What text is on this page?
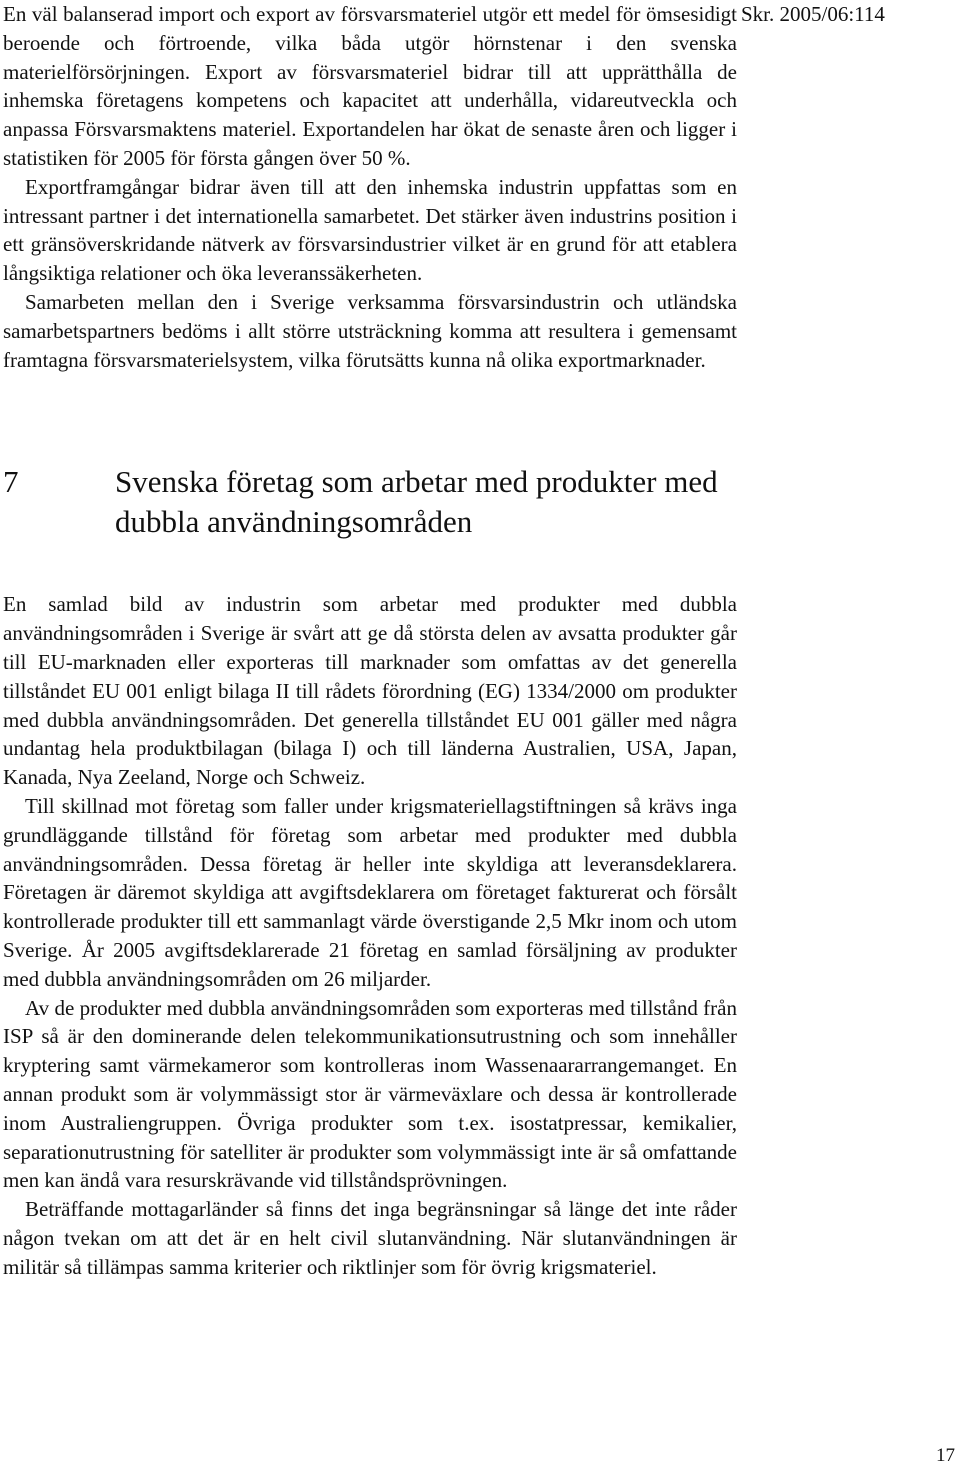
En väl balanserad import och export av försvarsmateriel utgör ett medel för ömsesidigt beroende och förtroende, vilka båda utgör hörnstenar i den svenska materielförsörjningen. Export av försvarsmateriel bidrar till att upprätthålla de inhemska företagens kompetens och kapacitet att underhålla, vidareutveckla och anpassa Försvarsmaktens materiel. Exportandelen har ökat de senaste åren och ligger i statistiken för 2005 för första gången över 50 %.

Exportframgångar bidrar även till att den inhemska industrin uppfattas som en intressant partner i det internationella samarbetet. Det stärker även industrins position i ett gränsöverskridande nätverk av försvarsindustrier vilket är en grund för att etablera långsiktiga relationer och öka leveranssäkerheten.

Samarbeten mellan den i Sverige verksamma försvarsindustrin och utländska samarbetspartners bedöms i allt större utsträckning komma att resultera i gemensamt framtagna försvarsmaterielsystem, vilka förutsätts kunna nå olika exportmarknader.

7	Svenska företag som arbetar med produkter med dubbla användningsområden

En samlad bild av industrin som arbetar med produkter med dubbla användningsområden i Sverige är svårt att ge då största delen av avsatta produkter går till EU-marknaden eller exporteras till marknader som omfattas av det generella tillståndet EU 001 enligt bilaga II till rådets förordning (EG) 1334/2000 om produkter med dubbla användningsområden. Det generella tillståndet EU 001 gäller med några undantag hela produktbilagan (bilaga I) och till länderna Australien, USA, Japan, Kanada, Nya Zeeland, Norge och Schweiz.

Till skillnad mot företag som faller under krigsmateriellagstiftningen så krävs inga grundläggande tillstånd för företag som arbetar med produkter med dubbla användningsområden. Dessa företag är heller inte skyldiga att leveransdeklarera. Företagen är däremot skyldiga att avgiftsdeklarera om företaget fakturerat och försålt kontrollerade produkter till ett sammanlagt värde överstigande 2,5 Mkr inom och utom Sverige. År 2005 avgiftsdeklarerade 21 företag en samlad försäljning av produkter med dubbla användningsområden om 26 miljarder.

Av de produkter med dubbla användningsområden som exporteras med tillstånd från ISP så är den dominerande delen telekommunikationsutrustning och som innehåller kryptering samt värmekameror som kontrolleras inom Wassenaararrangemanget. En annan produkt som är volymmässigt stor är värmeväxlare och dessa är kontrollerade inom Australiengruppen. Övriga produkter som t.ex. isostatpressar, kemikalier, separationutrustning för satelliter är produkter som volymmässigt inte är så omfattande men kan ändå vara resurskrävande vid tillståndsprövningen.

Beträffande mottagarländer så finns det inga begränsningar så länge det inte råder någon tvekan om att det är en helt civil slutanvändning. När slutanvändningen är militär så tillämpas samma kriterier och riktlinjer som för övrig krigsmateriel.

Skr. 2005/06:114
17
